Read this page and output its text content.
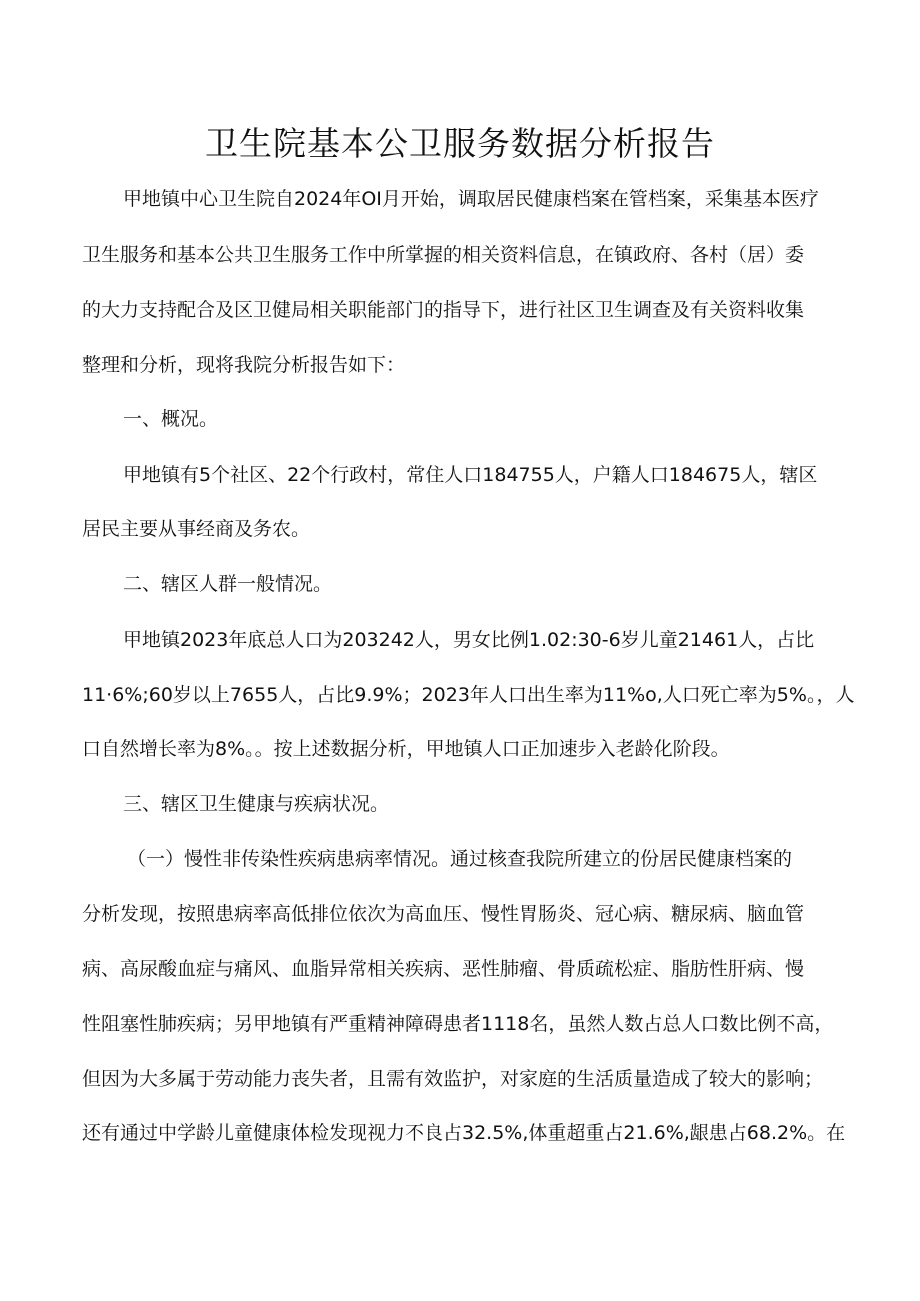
卫生院基本公卫服务数据分析报告

甲地镇中心卫生院自2024年OI月开始，调取居民健康档案在管档案，采集基本医疗

卫生服务和基本公共卫生服务工作中所掌握的相关资料信息，在镇政府、各村（居）委

的大力支持配合及区卫健局相关职能部门的指导下，进行社区卫生调查及有关资料收集

整理和分析，现将我院分析报告如下：

一、概况。

甲地镇有5个社区、22个行政村，常住人口184755人，户籍人口184675人，辖区

居民主要从事经商及务农。

二、辖区人群一般情况。

甲地镇2023年底总人口为203242人，男女比例1.02:30-6岁儿童21461人，占比

11·6%;60岁以上7655人，占比9.9%；2023年人口出生率为11%o,人口死亡率为5%。，人

口自然增长率为8%。。按上述数据分析，甲地镇人口正加速步入老龄化阶段。

三、辖区卫生健康与疾病状况。

（一）慢性非传染性疾病患病率情况。通过核查我院所建立的份居民健康档案的

分析发现，按照患病率高低排位依次为高血压、慢性胃肠炎、冠心病、糖尿病、脑血管

病、高尿酸血症与痛风、血脂异常相关疾病、恶性肺瘤、骨质疏松症、脂肪性肝病、慢

性阻塞性肺疾病；另甲地镇有严重精神障碍患者1118名，虽然人数占总人口数比例不高，

但因为大多属于劳动能力丧失者，且需有效监护，对家庭的生活质量造成了较大的影响；

还有通过中学龄儿童健康体检发现视力不良占32.5%,体重超重占21.6%,龈患占68.2%。在
